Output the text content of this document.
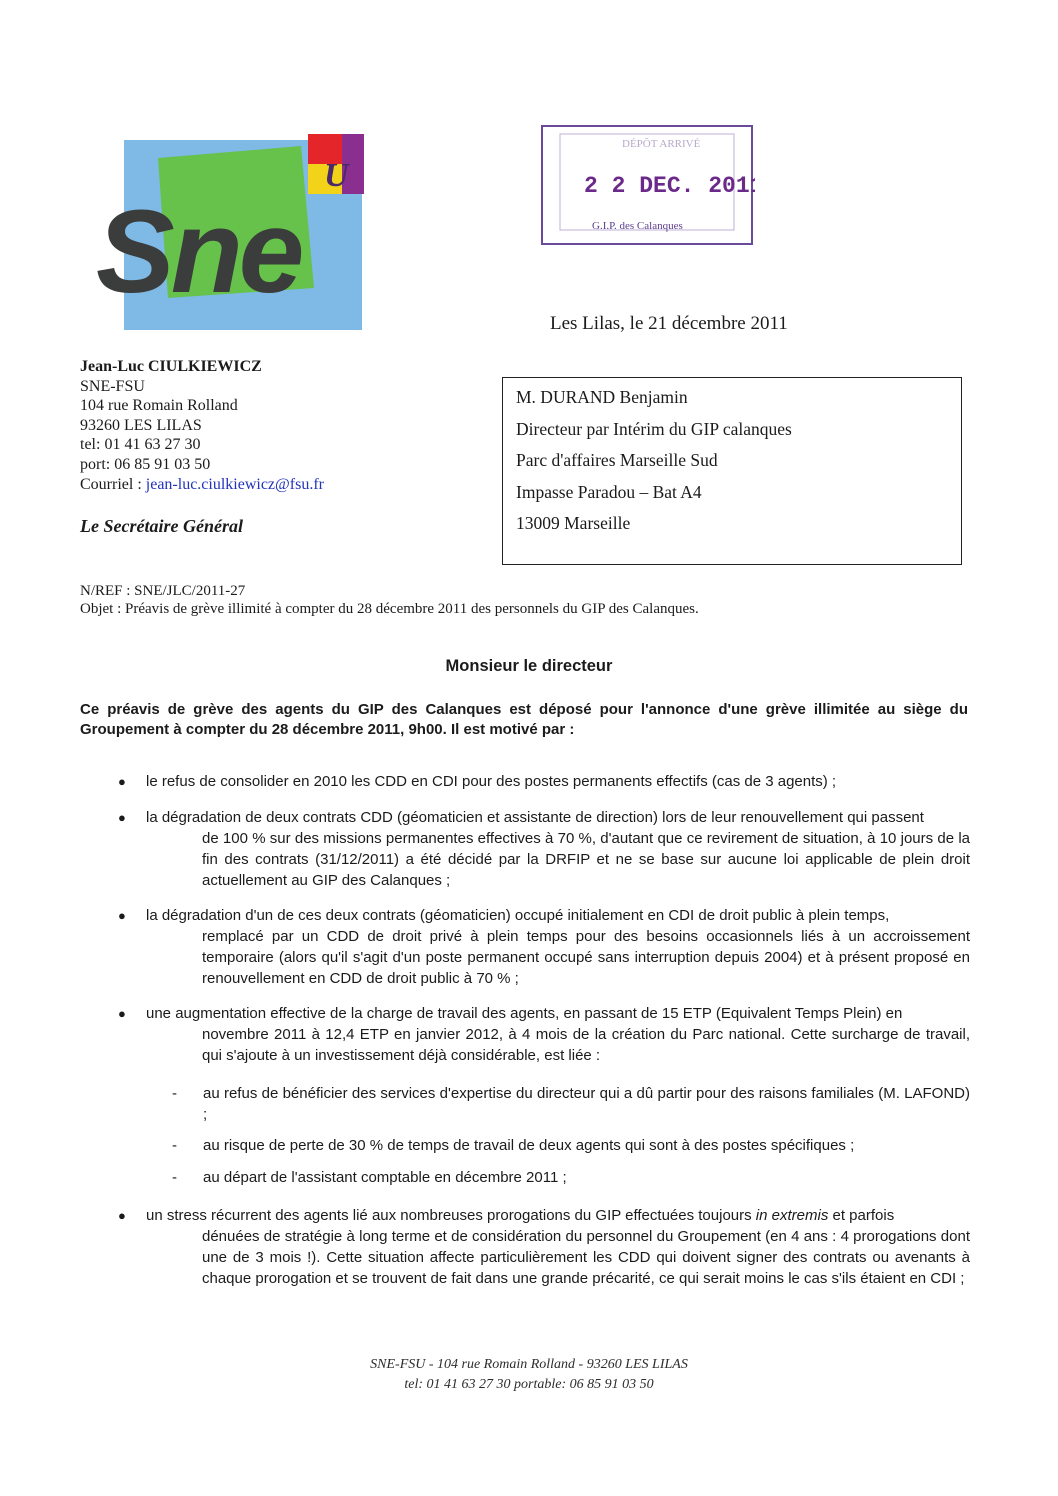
U
Sne
DÉPÔT ARRIVÉ
2 2 DEC. 2011
G.I.P. des Calanques
Les Lilas, le 21 décembre 2011
Jean-Luc CIULKIEWICZ
SNE-FSU
104 rue Romain Rolland
93260 LES LILAS
tel: 01 41 63 27 30
port: 06 85 91 03 50
Courriel : jean-luc.ciulkiewicz@fsu.fr
Le Secrétaire Général
M. DURAND Benjamin
Directeur par Intérim du GIP calanques
Parc d'affaires Marseille Sud
Impasse Paradou – Bat A4
13009 Marseille
N/REF : SNE/JLC/2011-27
Objet : Préavis de grève illimité à compter du 28 décembre 2011 des personnels du GIP des Calanques.
Monsieur le directeur
Ce préavis de grève des agents du GIP des Calanques est déposé pour l'annonce d'une grève illimitée au siège du Groupement à compter du 28 décembre 2011, 9h00. Il est motivé par :
● le refus de consolider en 2010 les CDD en CDI pour des postes permanents effectifs (cas de 3 agents) ;
● la dégradation de deux contrats CDD (géomaticien et assistante de direction) lors de leur renouvellement qui passent
de 100 % sur des missions permanentes effectives à 70 %, d'autant que ce revirement de situation, à 10 jours de la fin des contrats (31/12/2011) a été décidé par la DRFIP et ne se base sur aucune loi applicable de plein droit actuellement au GIP des Calanques ;
● la dégradation d'un de ces deux contrats (géomaticien) occupé initialement en CDI de droit public à plein temps,
remplacé par un CDD de droit privé à plein temps pour des besoins occasionnels liés à un accroissement temporaire (alors qu'il s'agit d'un poste permanent occupé sans interruption depuis 2004) et à présent proposé en renouvellement en CDD de droit public à 70 % ;
● une augmentation effective de la charge de travail des agents, en passant de 15 ETP (Equivalent Temps Plein) en
novembre 2011 à 12,4 ETP en janvier 2012, à 4 mois de la création du Parc national. Cette surcharge de travail, qui s'ajoute à un investissement déjà considérable, est liée :
- au refus de bénéficier des services d'expertise du directeur qui a dû partir pour des raisons familiales (M. LAFOND) ;
- au risque de perte de 30 % de temps de travail de deux agents qui sont à des postes spécifiques ;
- au départ de l'assistant comptable en décembre 2011 ;
● un stress récurrent des agents lié aux nombreuses prorogations du GIP effectuées toujours in extremis et parfois
dénuées de stratégie à long terme et de considération du personnel du Groupement (en 4 ans : 4 prorogations dont une de 3 mois !). Cette situation affecte particulièrement les CDD qui doivent signer des contrats ou avenants à chaque prorogation et se trouvent de fait dans une grande précarité, ce qui serait moins le cas s'ils étaient en CDI ;
SNE-FSU - 104 rue Romain Rolland - 93260 LES LILAS
tel: 01 41 63 27 30 portable: 06 85 91 03 50
